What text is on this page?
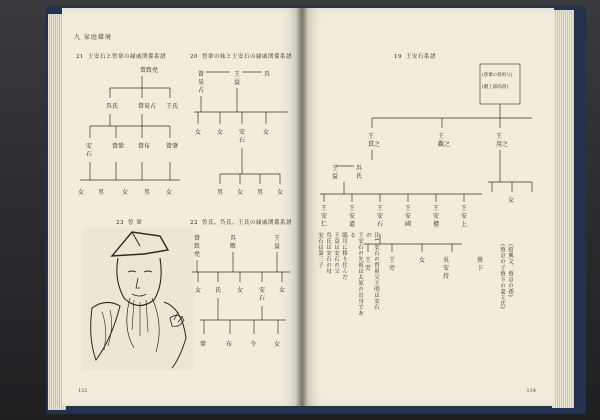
九 家庭環境
21 王安石と曾鞏の縁戚関係系譜	20 曾鞏の妹と王安石の縁戚関係系譜
曾致堯
呉氏	曾易占 王氏
安
石
曾鞏 曾布	曾肇
女 男	女	男	女
曾
易
占
王
益
呉
女	女	安
石
女
男 女 男 女
23 曾 鞏	22 曾氏、呉氏、王氏の縁戚関係系譜
曾
致
堯
呉
畋
王
益
女 氏	女	安
石
女
鞏	布	令	女
132
19 王安石系譜
(曾鞏の曾祖父)
(贈工部尚書)
王
貫之
王
觀之
王
用之
王
益
呉
氏
王
安
仁
王
安
道
王
安
石
王
安
國
王
安
禮
王
安
上
女
王
雱
王
旁
女	吳
安
持
蔡
卞
注1 安石の曾祖父王明は安石の
王安石の先祖は太原の出身である
臨川に移り住んだ
王益は安石の父
呉氏は安石の母
安石は第三子	(紹興文、蔡京の孫)
(蔡京の子蔡卞の妻王氏)
134
